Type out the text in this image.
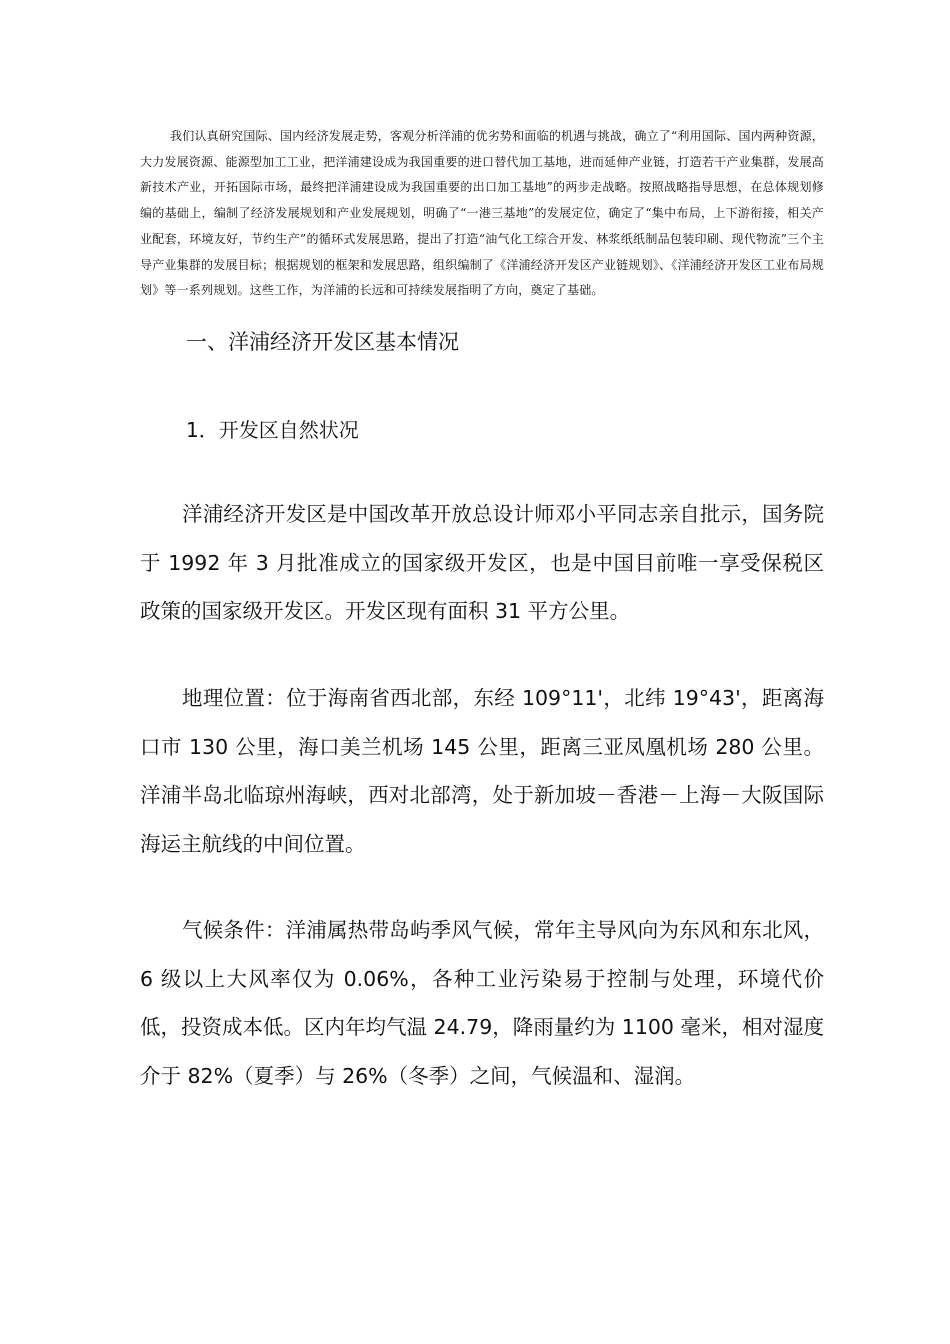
我们认真研究国际、国内经济发展走势，客观分析洋浦的优劣势和面临的机遇与挑战，确立了“利用国际、国内两种资源，大力发展资源、能源型加工工业，把洋浦建设成为我国重要的进口替代加工基地，进而延伸产业链，打造若干产业集群，发展高新技术产业，开拓国际市场，最终把洋浦建设成为我国重要的出口加工基地”的两步走战略。按照战略指导思想，在总体规划修编的基础上，编制了经济发展规划和产业发展规划，明确了“一港三基地”的发展定位，确定了“集中布局，上下游衔接，相关产业配套，环境友好，节约生产”的循环式发展思路，提出了打造“油气化工综合开发、林浆纸纸制品包装印刷、现代物流”三个主导产业集群的发展目标；根据规划的框架和发展思路，组织编制了《洋浦经济开发区产业链规划》、《洋浦经济开发区工业布局规划》等一系列规划。这些工作，为洋浦的长远和可持续发展指明了方向，奠定了基础。

一、洋浦经济开发区基本情况
1．开发区自然状况

洋浦经济开发区是中国改革开放总设计师邓小平同志亲自批示，国务院于 1992 年 3 月批准成立的国家级开发区，也是中国目前唯一享受保税区政策的国家级开发区。开发区现有面积 31 平方公里。

地理位置：位于海南省西北部，东经 109°11'，北纬 19°43'，距离海口市 130 公里，海口美兰机场 145 公里，距离三亚凤凰机场 280 公里。洋浦半岛北临琼州海峡，西对北部湾，处于新加坡－香港－上海－大阪国际海运主航线的中间位置。

气候条件：洋浦属热带岛屿季风气候，常年主导风向为东风和东北风，6 级以上大风率仅为 0.06%，各种工业污染易于控制与处理，环境代价低，投资成本低。区内年均气温 24.79，降雨量约为 1100 毫米，相对湿度介于 82%（夏季）与 26%（冬季）之间，气候温和、湿润。
